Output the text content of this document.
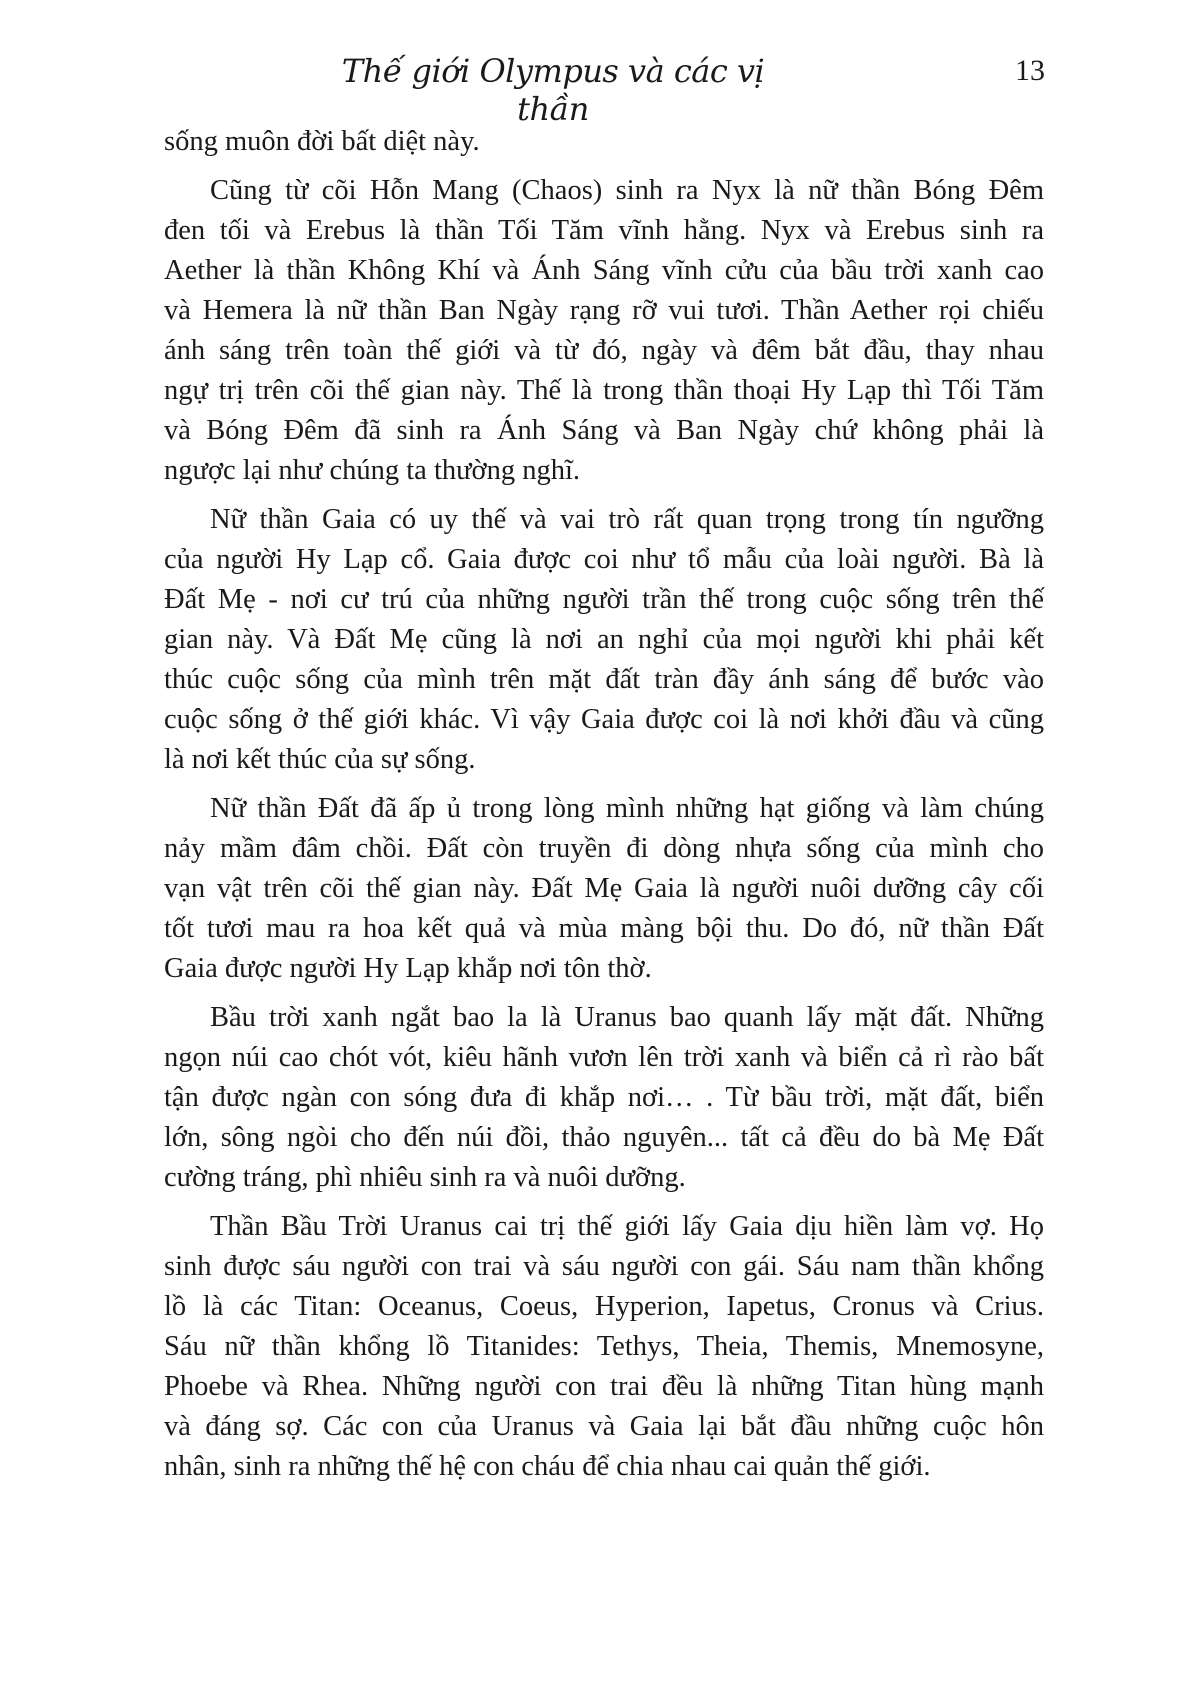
Thế giới Olympus và các vị thần
13
sống muôn đời bất diệt này.
Cũng từ cõi Hỗn Mang (Chaos) sinh ra Nyx là nữ thần Bóng Đêm
đen tối và Erebus là thần Tối Tăm vĩnh hằng. Nyx và Erebus sinh ra
Aether là thần Không Khí và Ánh Sáng vĩnh cửu của bầu trời xanh cao
và Hemera là nữ thần Ban Ngày rạng rỡ vui tươi. Thần Aether rọi chiếu
ánh sáng trên toàn thế giới và từ đó, ngày và đêm bắt đầu, thay nhau
ngự trị trên cõi thế gian này. Thế là trong thần thoại Hy Lạp thì Tối Tăm
và Bóng Đêm đã sinh ra Ánh Sáng và Ban Ngày chứ không phải là
ngược lại như chúng ta thường nghĩ.
Nữ thần Gaia có uy thế và vai trò rất quan trọng trong tín ngưỡng
của người Hy Lạp cổ. Gaia được coi như tổ mẫu của loài người. Bà là
Đất Mẹ - nơi cư trú của những người trần thế trong cuộc sống trên thế
gian này. Và Đất Mẹ cũng là nơi an nghỉ của mọi người khi phải kết
thúc cuộc sống của mình trên mặt đất tràn đầy ánh sáng để bước vào
cuộc sống ở thế giới khác. Vì vậy Gaia được coi là nơi khởi đầu và cũng
là nơi kết thúc của sự sống.
Nữ thần Đất đã ấp ủ trong lòng mình những hạt giống và làm chúng
nảy mầm đâm chồi. Đất còn truyền đi dòng nhựa sống của mình cho
vạn vật trên cõi thế gian này. Đất Mẹ Gaia là người nuôi dưỡng cây cối
tốt tươi mau ra hoa kết quả và mùa màng bội thu. Do đó, nữ thần Đất
Gaia được người Hy Lạp khắp nơi tôn thờ.
Bầu trời xanh ngắt bao la là Uranus bao quanh lấy mặt đất. Những
ngọn núi cao chót vót, kiêu hãnh vươn lên trời xanh và biển cả rì rào bất
tận được ngàn con sóng đưa đi khắp nơi… . Từ bầu trời, mặt đất, biển
lớn, sông ngòi cho đến núi đồi, thảo nguyên... tất cả đều do bà Mẹ Đất
cường tráng, phì nhiêu sinh ra và nuôi dưỡng.
Thần Bầu Trời Uranus cai trị thế giới lấy Gaia dịu hiền làm vợ. Họ
sinh được sáu người con trai và sáu người con gái. Sáu nam thần khổng
lồ là các Titan: Oceanus, Coeus, Hyperion, Iapetus, Cronus và Crius.
Sáu nữ thần khổng lồ Titanides: Tethys, Theia, Themis, Mnemosyne,
Phoebe và Rhea. Những người con trai đều là những Titan hùng mạnh
và đáng sợ. Các con của Uranus và Gaia lại bắt đầu những cuộc hôn
nhân, sinh ra những thế hệ con cháu để chia nhau cai quản thế giới.
